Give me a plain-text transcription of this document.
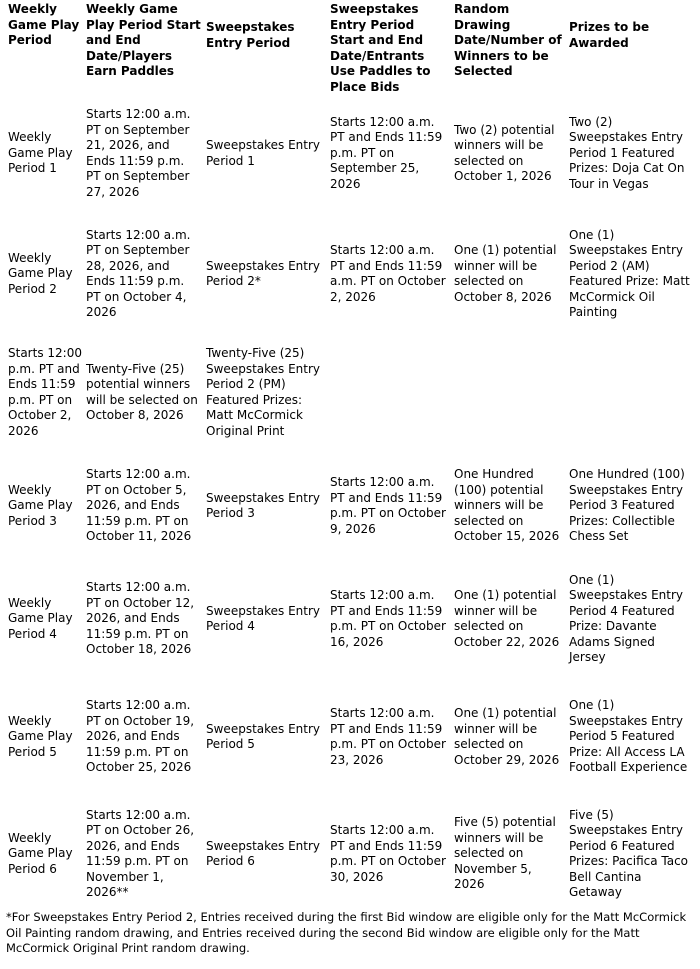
Weekly Game Play Period	Weekly Game Play Period Start and End Date/Players Earn Paddles	Sweepstakes Entry Period	Sweepstakes Entry Period Start and End Date/Entrants Use Paddles to Place Bids	Random Drawing Date/Number of Winners to be Selected	Prizes to be Awarded
Weekly Game Play Period 1	Starts 12:00 a.m. PT on September 21, 2026, and Ends 11:59 p.m. PT on September 27, 2026	Sweepstakes Entry Period 1	Starts 12:00 a.m. PT and Ends 11:59 p.m. PT on September 25, 2026	Two (2) potential winners will be selected on October 1, 2026	Two (2) Sweepstakes Entry Period 1 Featured Prizes: Doja Cat On Tour in Vegas
Weekly Game Play Period 2	Starts 12:00 a.m. PT on September 28, 2026, and Ends 11:59 p.m. PT on October 4, 2026	Sweepstakes Entry Period 2*	Starts 12:00 a.m. PT and Ends 11:59 a.m. PT on October 2, 2026	One (1) potential winner will be selected on October 8, 2026	One (1) Sweepstakes Entry Period 2 (AM) Featured Prize: Matt McCormick Oil Painting
Starts 12:00 p.m. PT and Ends 11:59 p.m. PT on October 2, 2026	Twenty-Five (25) potential winners will be selected on October 8, 2026	Twenty-Five (25) Sweepstakes Entry Period 2 (PM) Featured Prizes: Matt McCormick Original Print			
Weekly Game Play Period 3	Starts 12:00 a.m. PT on October 5, 2026, and Ends 11:59 p.m. PT on October 11, 2026	Sweepstakes Entry Period 3	Starts 12:00 a.m. PT and Ends 11:59 p.m. PT on October 9, 2026	One Hundred (100) potential winners will be selected on October 15, 2026	One Hundred (100) Sweepstakes Entry Period 3 Featured Prizes: Collectible Chess Set
Weekly Game Play Period 4	Starts 12:00 a.m. PT on October 12, 2026, and Ends 11:59 p.m. PT on October 18, 2026	Sweepstakes Entry Period 4	Starts 12:00 a.m. PT and Ends 11:59 p.m. PT on October 16, 2026	One (1) potential winner will be selected on October 22, 2026	One (1) Sweepstakes Entry Period 4 Featured Prize: Davante Adams Signed Jersey
Weekly Game Play Period 5	Starts 12:00 a.m. PT on October 19, 2026, and Ends 11:59 p.m. PT on October 25, 2026	Sweepstakes Entry Period 5	Starts 12:00 a.m. PT and Ends 11:59 p.m. PT on October 23, 2026	One (1) potential winner will be selected on October 29, 2026	One (1) Sweepstakes Entry Period 5 Featured Prize: All Access LA Football Experience
Weekly Game Play Period 6	Starts 12:00 a.m. PT on October 26, 2026, and Ends 11:59 p.m. PT on November 1, 2026**	Sweepstakes Entry Period 6	Starts 12:00 a.m. PT and Ends 11:59 p.m. PT on October 30, 2026	Five (5) potential winners will be selected on November 5, 2026	Five (5) Sweepstakes Entry Period 6 Featured Prizes: Pacifica Taco Bell Cantina Getaway
*For Sweepstakes Entry Period 2, Entries received during the first Bid window are eligible only for the Matt McCormick Oil Painting random drawing, and Entries received during the second Bid window are eligible only for the Matt McCormick Original Print random drawing.
